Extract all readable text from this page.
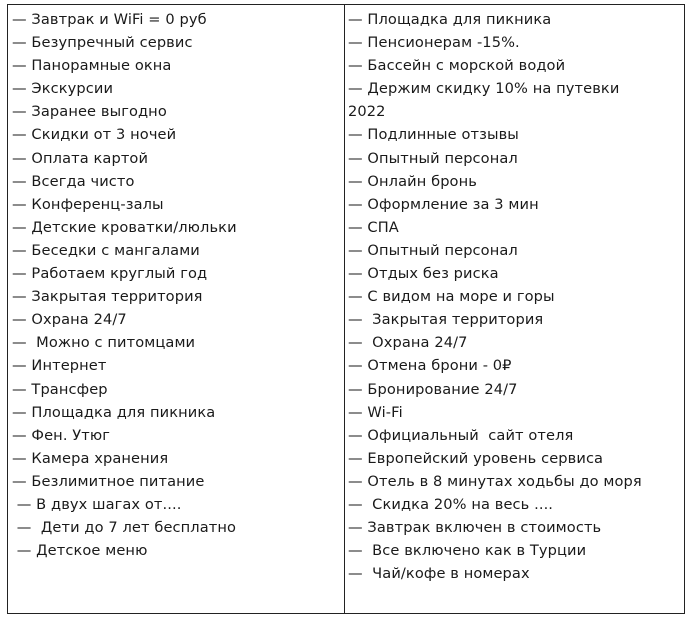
— Завтрак и WiFi = 0 руб
— Безупречный сервис
— Панорамные окна
— Экскурсии
— Заранее выгодно
— Скидки от 3 ночей
— Оплата картой
— Всегда чисто
— Конференц-залы
— Детские кроватки/люльки
— Беседки с мангалами
— Работаем круглый год
— Закрытая территория
— Охрана 24/7
—  Можно с питомцами
— Интернет
— Трансфер
— Площадка для пикника
— Фен. Утюг
— Камера хранения
— Безлимитное питание
— В двух шагах от....
—  Дети до 7 лет бесплатно
— Детское меню
— Площадка для пикника
— Пенсионерам -15%.
— Бассейн с морской водой
— Держим скидку 10% на путевки
2022
— Подлинные отзывы
— Опытный персонал
— Онлайн бронь
— Оформление за 3 мин
— СПА
— Опытный персонал
— Отдых без риска
— С видом на море и горы
—  Закрытая территория
—  Охрана 24/7
— Отмена брони - 0₽
— Бронирование 24/7
— Wi-Fi
— Официальный  сайт отеля
— Европейский уровень сервиса
— Отель в 8 минутах ходьбы до моря
—  Скидка 20% на весь ....
— Завтрак включен в стоимость
—  Все включено как в Турции
—  Чай/кофе в номерах
